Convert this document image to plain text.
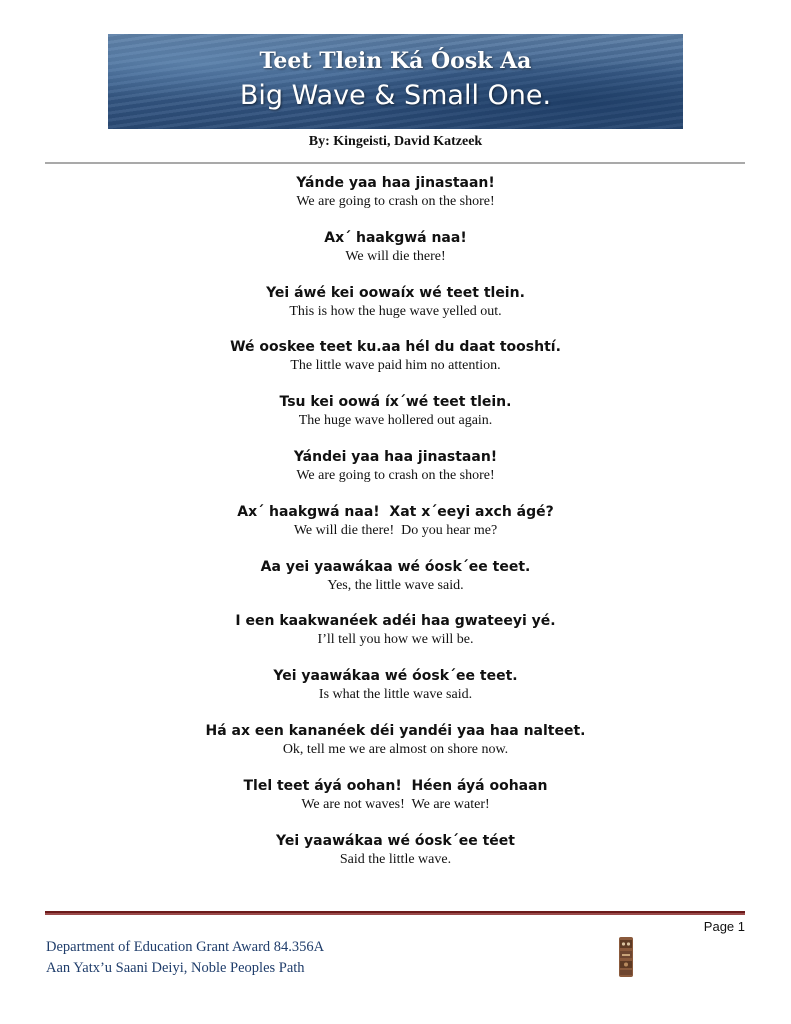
Teet Tlein Ká Óosk Aa
Big Wave & Small One.
By: Kingeisti, David Katzeek
Yánde yaa haa jinastaan!
We are going to crash on the shore!
Ax´ haakgwá naa!
We will die there!
Yei áwé kei oowaíx wé teet tlein.
This is how the huge wave yelled out.
Wé ooskee teet ku.aa hél du daat tooshtí.
The little wave paid him no attention.
Tsu kei oowá íx´wé teet tlein.
The huge wave hollered out again.
Yándei yaa haa jinastaan!
We are going to crash on the shore!
Ax´ haakgwá naa!  Xat x´eeyi axch ágé?
We will die there!  Do you hear me?
Aa yei yaawákaa wé óosk´ee teet.
Yes, the little wave said.
I een kaakwanéek adéi haa gwateeyi yé.
I’ll tell you how we will be.
Yei yaawákaa wé óosk´ee teet.
Is what the little wave said.
Há ax een kananéek déi yandéi yaa haa nalteet.
Ok, tell me we are almost on shore now.
Tlel teet áyá oohan!  Héen áyá oohaan
We are not waves!  We are water!
Yei yaawákaa wé óosk´ee téet
Said the little wave.
Page 1
Department of Education Grant Award 84.356A
Aan Yatx’u Saani Deiyi, Noble Peoples Path
